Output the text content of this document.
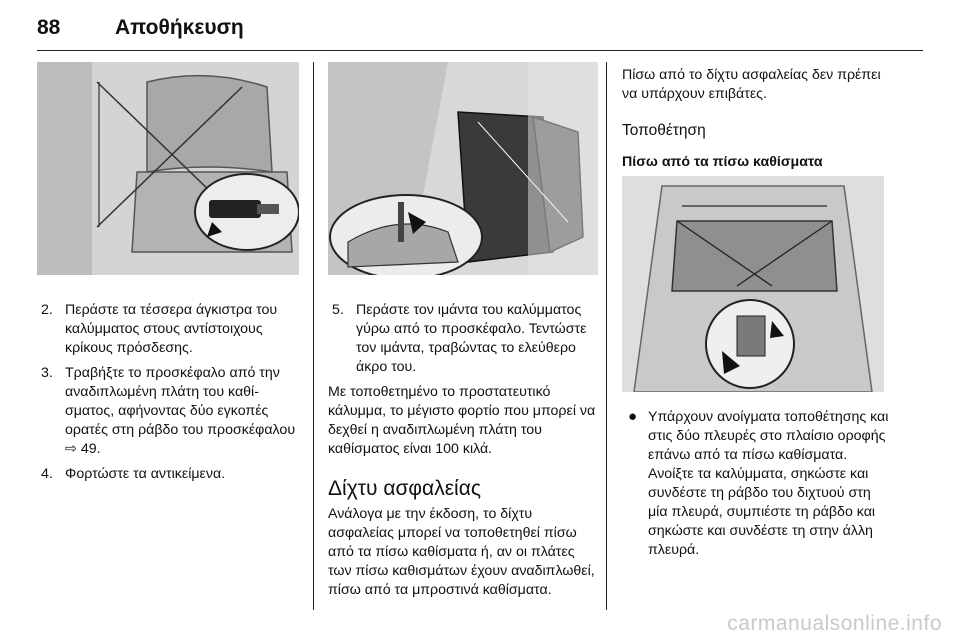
88	Αποθήκευση
2. Περάστε τα τέσσερα άγκιστρα του καλύμματος στους αντίστοιχους κρίκους πρόσδεσης.
3. Τραβήξτε το προσκέφαλο από την αναδιπλωμένη πλάτη του καθίσματος, αφήνοντας δύο εγκοπές ορατές στη ράβδο του προσκέφαλου ⇨ 49.
4. Φορτώστε τα αντικείμενα.
5. Περάστε τον ιμάντα του καλύμματος γύρω από το προσκέφαλο. Τεντώστε τον ιμάντα, τραβώντας το ελεύθερο άκρο του.
Με τοποθετημένο το προστατευτικό κάλυμμα, το μέγιστο φορτίο που μπορεί να δεχθεί η αναδιπλωμένη πλάτη του καθίσματος είναι 100 κιλά.
Δίχτυ ασφαλείας
Ανάλογα με την έκδοση, το δίχτυ ασφαλείας μπορεί να τοποθετηθεί πίσω από τα πίσω καθίσματα ή, αν οι πλάτες των πίσω καθισμάτων έχουν αναδιπλωθεί, πίσω από τα μπροστινά καθίσματα.
Πίσω από το δίχτυ ασφαλείας δεν πρέπει να υπάρχουν επιβάτες.
Τοποθέτηση
Πίσω από τα πίσω καθίσματα
● Υπάρχουν ανοίγματα τοποθέτησης και στις δύο πλευρές στο πλαίσιο οροφής επάνω από τα πίσω καθίσματα. Ανοίξτε τα καλύμματα, σηκώστε και συνδέστε τη ράβδο του διχτυού στη μία πλευρά, συμπιέστε τη ράβδο και σηκώστε και συνδέστε τη στην άλλη πλευρά.
carmanualsonline.info
